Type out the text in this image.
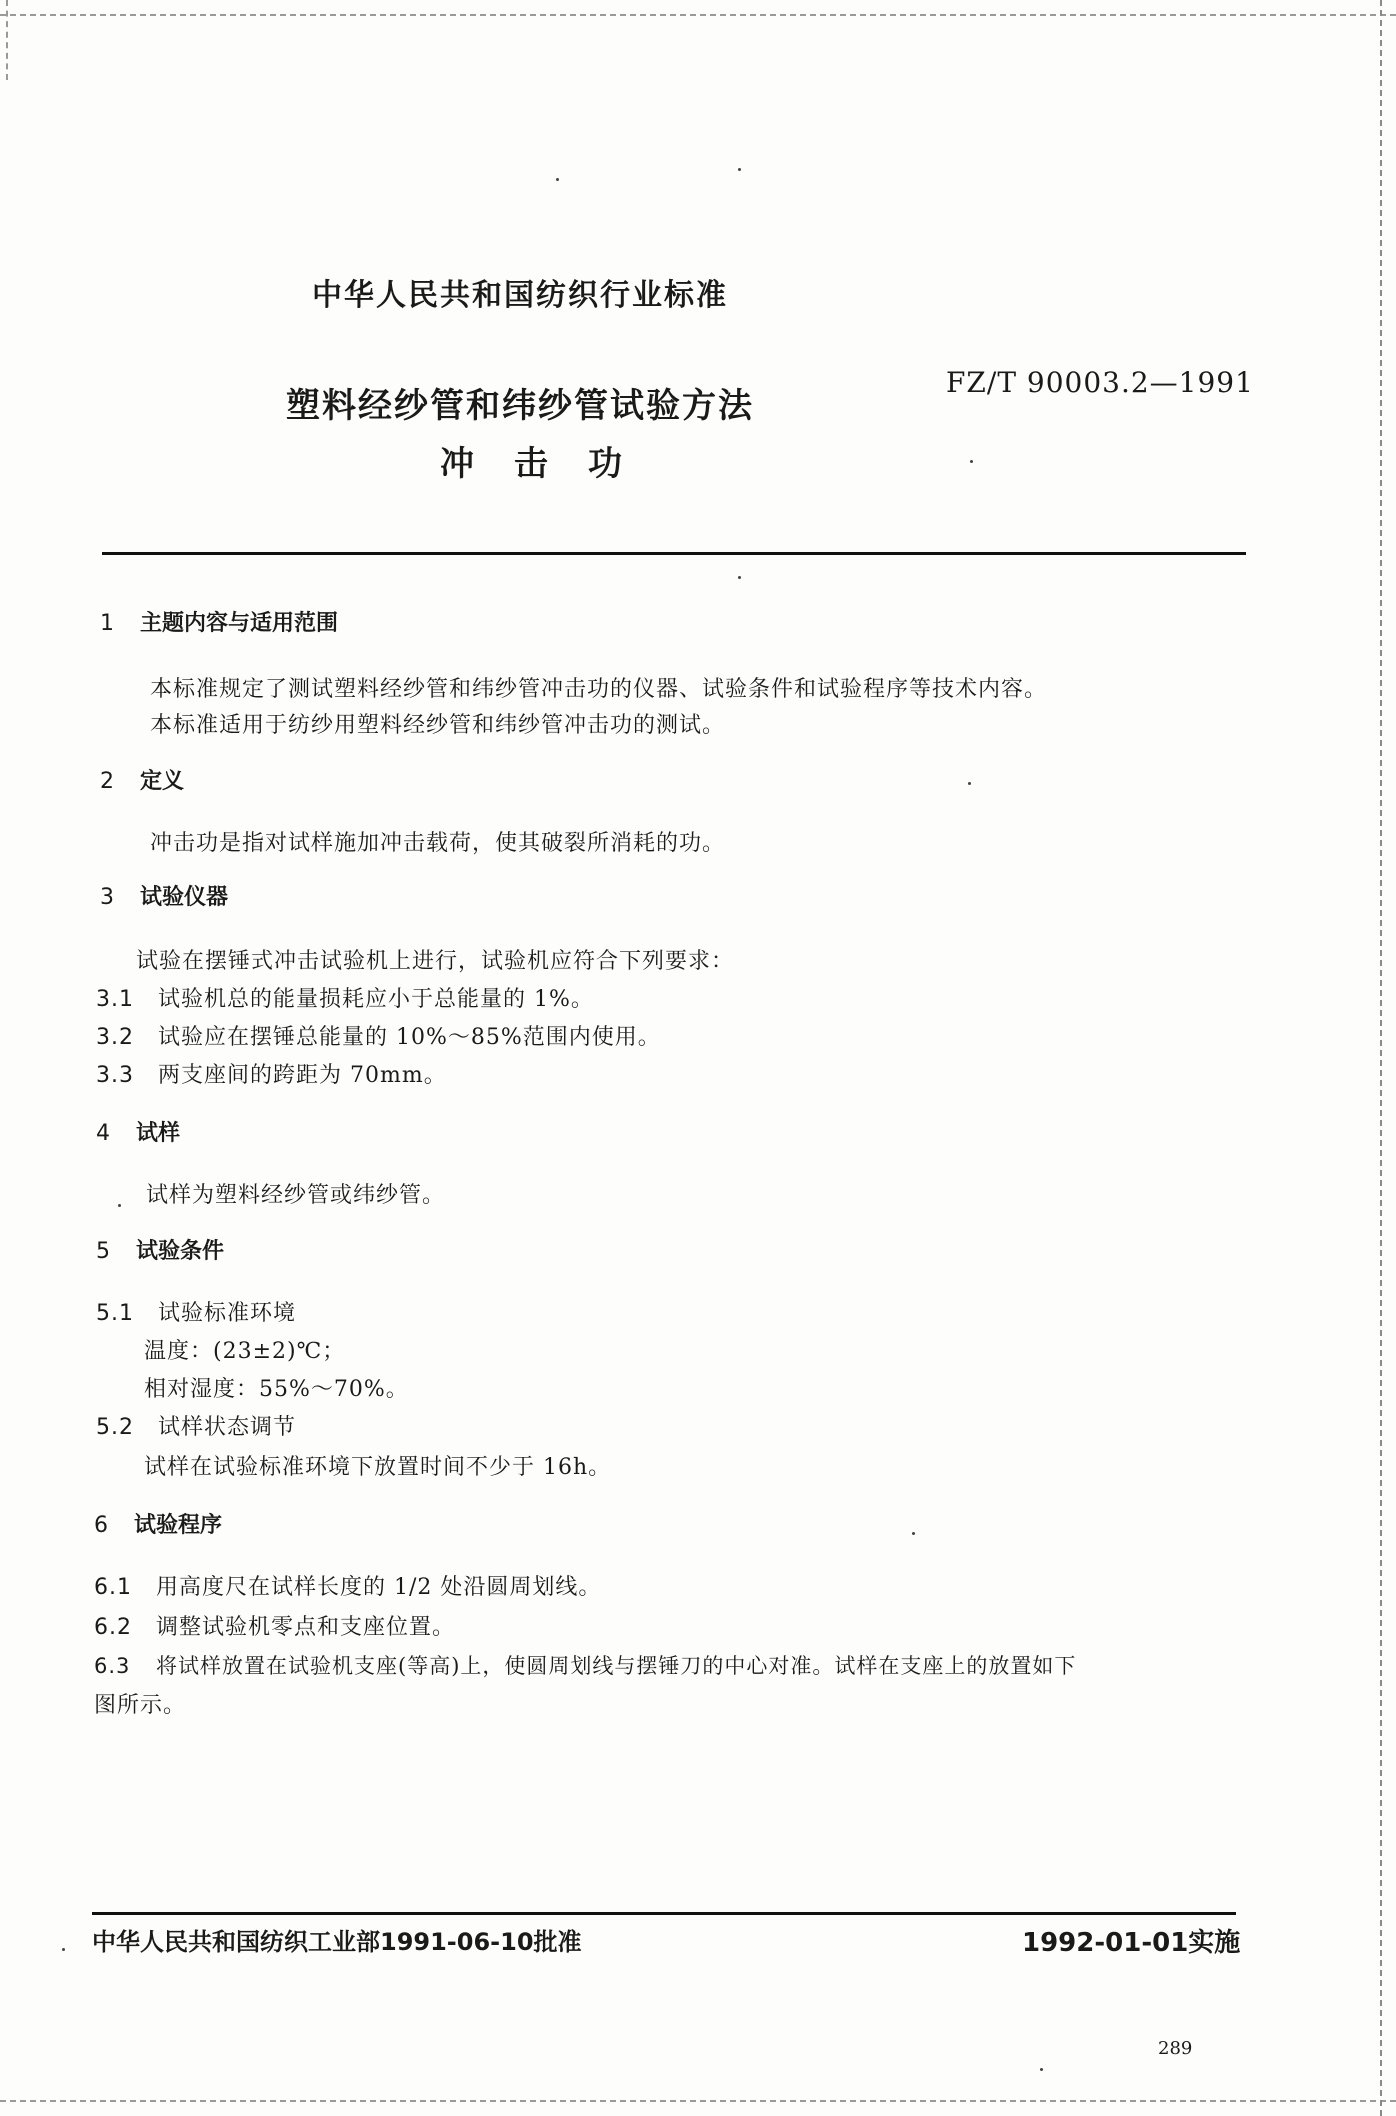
中华人民共和国纺织行业标准
塑料经纱管和纬纱管试验方法
冲击功
FZ/T 90003.2—1991
1 主题内容与适用范围
本标准规定了测试塑料经纱管和纬纱管冲击功的仪器、试验条件和试验程序等技术内容。
本标准适用于纺纱用塑料经纱管和纬纱管冲击功的测试。
2 定义
冲击功是指对试样施加冲击载荷，使其破裂所消耗的功。
3 试验仪器
试验在摆锤式冲击试验机上进行，试验机应符合下列要求：
3.1 试验机总的能量损耗应小于总能量的 1%。
3.2 试验应在摆锤总能量的 10%～85%范围内使用。
3.3 两支座间的跨距为 70mm。
4 试样
试样为塑料经纱管或纬纱管。
5 试验条件
5.1 试验标准环境
温度：(23±2)℃；
相对湿度：55%～70%。
5.2 试样状态调节
试样在试验标准环境下放置时间不少于 16h。
6 试验程序
6.1 用高度尺在试样长度的 1/2 处沿圆周划线。
6.2 调整试验机零点和支座位置。
6.3 将试样放置在试验机支座(等高)上，使圆周划线与摆锤刀的中心对准。试样在支座上的放置如下
图所示。
中华人民共和国纺织工业部1991-06-10批准	1992-01-01实施
289
